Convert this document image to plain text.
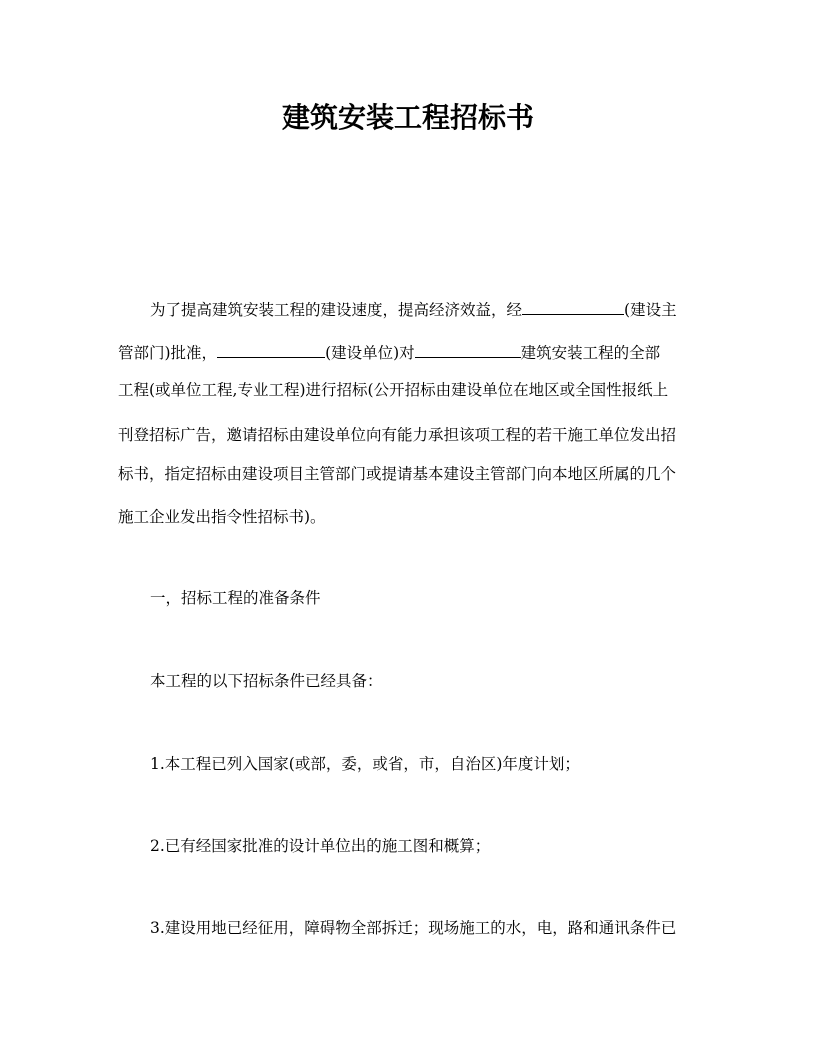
建筑安装工程招标书
为了提高建筑安装工程的建设速度，提高经济效益，经	(建设主
管部门)批准，	(建设单位)对	建筑安装工程的全部
工程(或单位工程,专业工程)进行招标(公开招标由建设单位在地区或全国性报纸上
刊登招标广告，邀请招标由建设单位向有能力承担该项工程的若干施工单位发出招
标书，指定招标由建设项目主管部门或提请基本建设主管部门向本地区所属的几个
施工企业发出指令性招标书)。
一，招标工程的准备条件
本工程的以下招标条件已经具备：
1.本工程已列入国家(或部，委，或省，市，自治区)年度计划；
2.已有经国家批准的设计单位出的施工图和概算；
3.建设用地已经征用，障碍物全部拆迁；现场施工的水，电，路和通讯条件已
